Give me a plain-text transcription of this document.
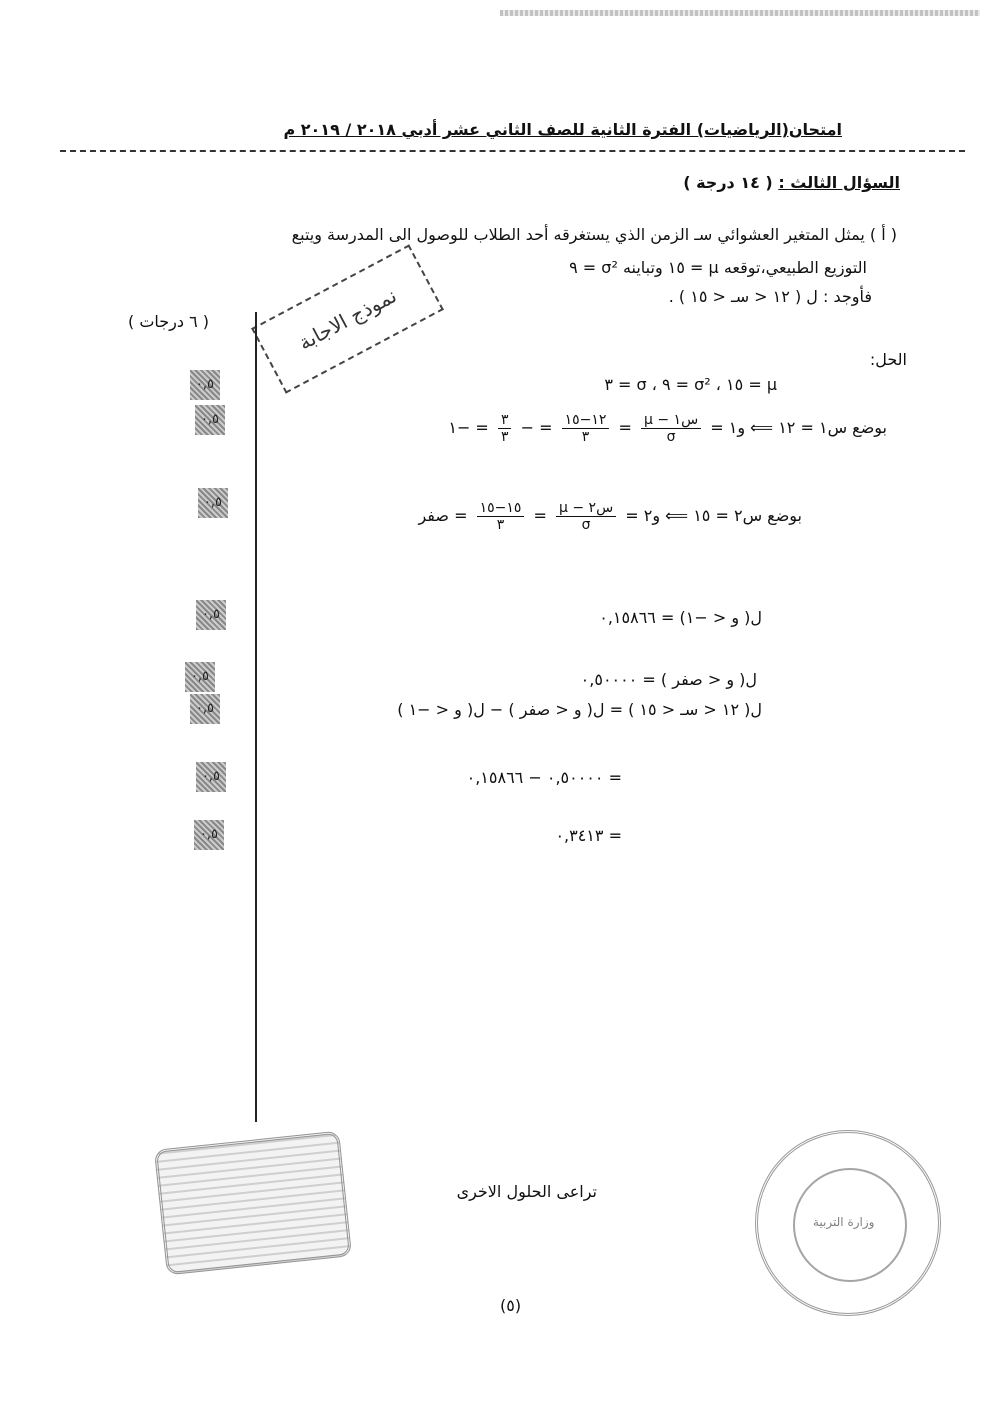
امتحان(الرياضيات) الفترة الثانية للصف الثاني عشر أدبي ٢٠١٨ / ٢٠١٩ م
السؤال الثالث : ( ١٤ درجة )
( أ ) يمثل المتغير العشوائي سـ الزمن الذي يستغرقه أحد الطلاب للوصول الى المدرسة ويتبع
التوزيع الطبيعي،توقعه μ = ١٥ وتباينه σ² = ٩
فأوجد : ل ( ١٢ < سـ < ١٥ ) .
( ٦ درجات )	نموذج الاجابة
الحل:
μ = ١٥ ، σ² = ٩ ، σ = ٣
بوضع س١ = ١٢ ⟸ و١ =
$\frac{\text{س١ − μ}}{\sigma}$
=
$\frac{١٢-١٥}{٣}$
= −
$\frac{٣}{٣}$
= −١
بوضع س٢ = ١٥ ⟸ و٢ =
$\frac{\text{س٢ − μ}}{\sigma}$
=
$\frac{١٥-١٥}{٣}$
= صفر
ل( و < −١) = ٠,١٥٨٦٦
ل( و < صفر ) = ٠,٥٠٠٠٠
ل( ١٢ < سـ < ١٥ ) = ل( و < صفر ) − ل( و < −١ )
= ٠,٥٠٠٠٠ − ٠,١٥٨٦٦
= ٠,٣٤١٣
٠,٥
٠,٥
٠,٥
٠,٥
٠,٥
٠,٥
٠,٥
٠,٥
تراعى الحلول الاخرى
وزارة التربية
(٥)
